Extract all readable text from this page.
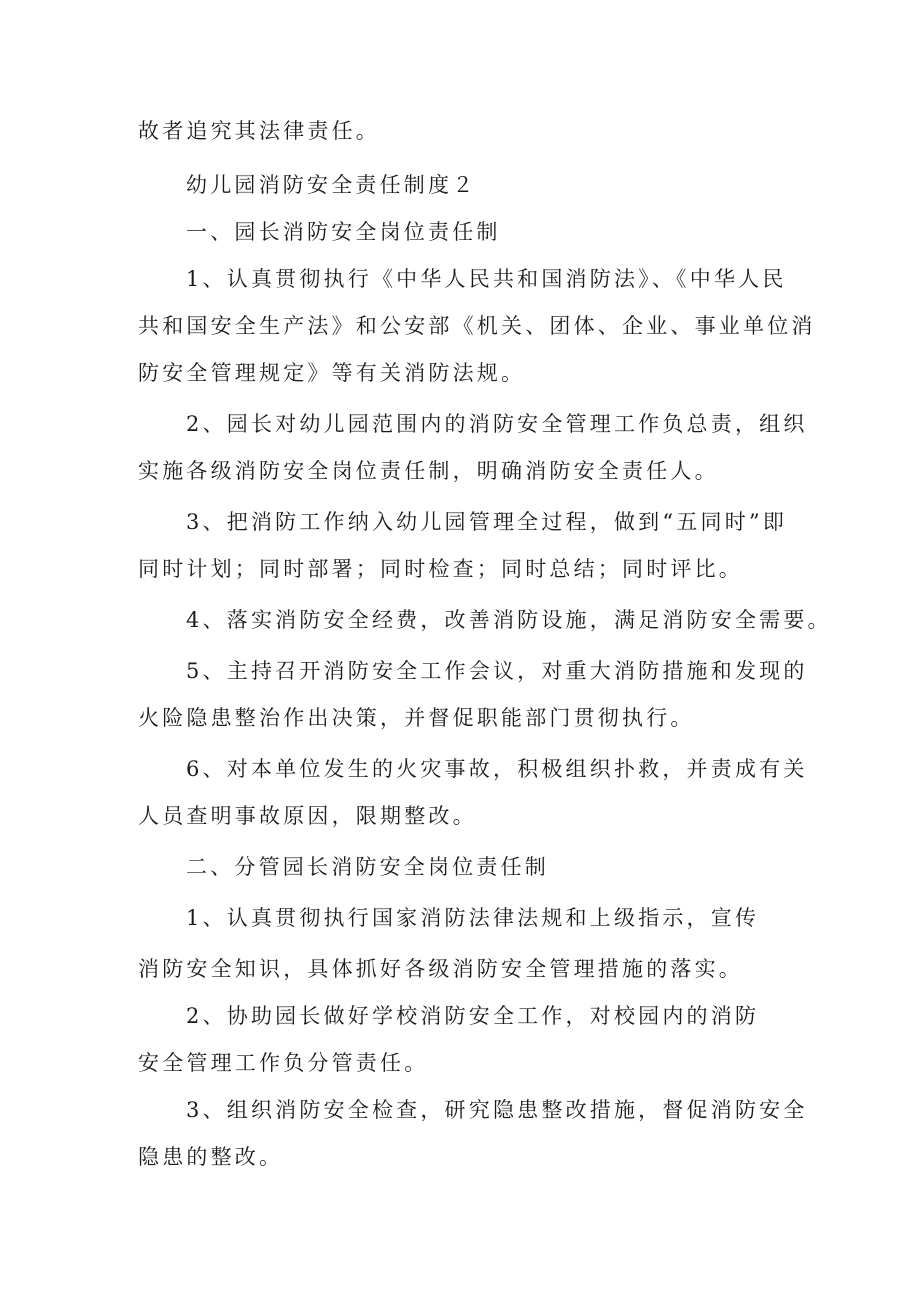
故者追究其法律责任。
幼儿园消防安全责任制度２
一、园长消防安全岗位责任制
1、认真贯彻执行《中华人民共和国消防法》、《中华人民
共和国安全生产法》和公安部《机关、团体、企业、事业单位消
防安全管理规定》等有关消防法规。
2、园长对幼儿园范围内的消防安全管理工作负总责，组织
实施各级消防安全岗位责任制，明确消防安全责任人。
3、把消防工作纳入幼儿园管理全过程，做到“五同时”即
同时计划；同时部署；同时检查；同时总结；同时评比。
4、落实消防安全经费，改善消防设施，满足消防安全需要。
5、主持召开消防安全工作会议，对重大消防措施和发现的
火险隐患整治作出决策，并督促职能部门贯彻执行。
6、对本单位发生的火灾事故，积极组织扑救，并责成有关
人员查明事故原因，限期整改。
二、分管园长消防安全岗位责任制
1、认真贯彻执行国家消防法律法规和上级指示，宣传
消防安全知识，具体抓好各级消防安全管理措施的落实。
2、协助园长做好学校消防安全工作，对校园内的消防
安全管理工作负分管责任。
3、组织消防安全检查，研究隐患整改措施，督促消防安全
隐患的整改。
